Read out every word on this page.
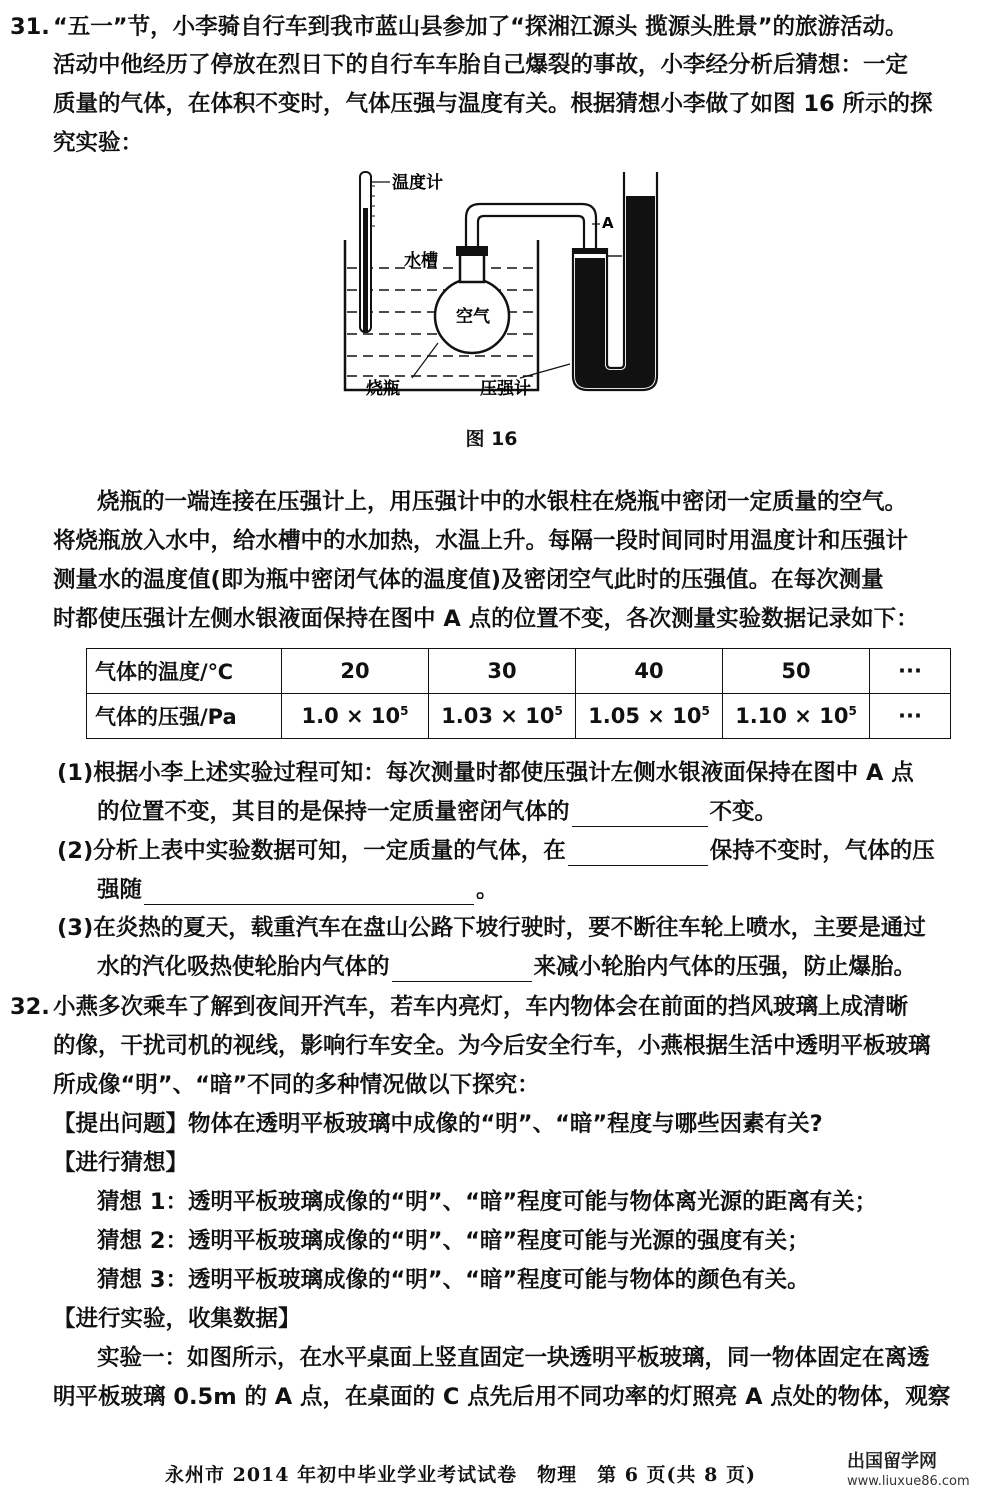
31. “五一”节，小李骑自行车到我市蓝山县参加了“探湘江源头 揽源头胜景”的旅游活动。
活动中他经历了停放在烈日下的自行车车胎自己爆裂的事故，小李经分析后猜想：一定
质量的气体，在体积不变时，气体压强与温度有关。根据猜想小李做了如图 16 所示的探
究实验：
温度计
水槽
空气
A
烧瓶	压强计
图 16
烧瓶的一端连接在压强计上，用压强计中的水银柱在烧瓶中密闭一定质量的空气。
将烧瓶放入水中，给水槽中的水加热，水温上升。每隔一段时间同时用温度计和压强计
测量水的温度值(即为瓶中密闭气体的温度值)及密闭空气此时的压强值。在每次测量
时都使压强计左侧水银液面保持在图中 A 点的位置不变，各次测量实验数据记录如下：
气体的温度/℃	20	30	40	50	···
气体的压强/Pa	$1.0 \times 10^5$	$1.03 \times 10^5$	$1.05 \times 10^5$	$1.10 \times 10^5$	···
(1)根据小李上述实验过程可知：每次测量时都使压强计左侧水银液面保持在图中 A 点
的位置不变，其目的是保持一定质量密闭气体的	不变。
(2)分析上表中实验数据可知，一定质量的气体，在	保持不变时，气体的压
强随	。
(3)在炎热的夏天，载重汽车在盘山公路下坡行驶时，要不断往车轮上喷水，主要是通过
水的汽化吸热使轮胎内气体的	来减小轮胎内气体的压强，防止爆胎。
32. 小燕多次乘车了解到夜间开汽车，若车内亮灯，车内物体会在前面的挡风玻璃上成清晰
的像，干扰司机的视线，影响行车安全。为今后安全行车，小燕根据生活中透明平板玻璃
所成像“明”、“暗”不同的多种情况做以下探究：
【提出问题】物体在透明平板玻璃中成像的“明”、“暗”程度与哪些因素有关?
【进行猜想】
猜想 1：透明平板玻璃成像的“明”、“暗”程度可能与物体离光源的距离有关；
猜想 2：透明平板玻璃成像的“明”、“暗”程度可能与光源的强度有关；
猜想 3：透明平板玻璃成像的“明”、“暗”程度可能与物体的颜色有关。
【进行实验，收集数据】
实验一：如图所示，在水平桌面上竖直固定一块透明平板玻璃，同一物体固定在离透
明平板玻璃 0.5m 的 A 点，在桌面的 C 点先后用不同功率的灯照亮 A 点处的物体，观察
永州市 2014 年初中毕业学业考试试卷　物理　第 6 页(共 8 页)
出国留学网
www.liuxue86.com
